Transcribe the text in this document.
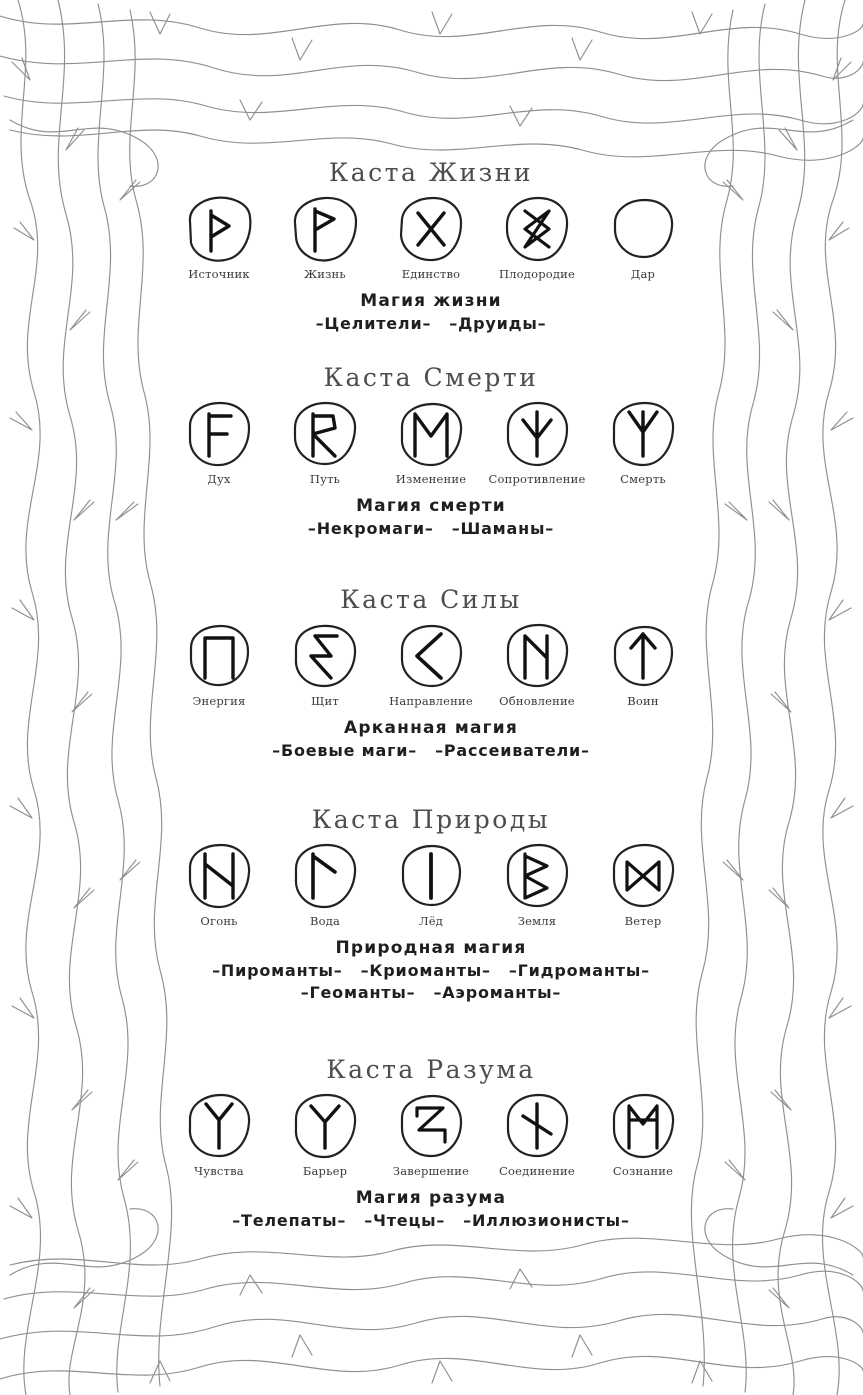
Каста Жизни
Источник	Жизнь	Единство	Плодородие	Дар
Магия жизни
–Целители– –Друиды–
Каста Смерти
Дух	Путь	Изменение Сопротивление	Смерть
Магия смерти
–Некромаги– –Шаманы–
Каста Силы
Энергия	Щит	Направление Обновление	Воин
Арканная магия
–Боевые маги– –Рассеиватели–
Каста Природы
Огонь	Вода	Лёд	Земля	Ветер
Природная магия
–Пироманты– –Криоманты– –Гидроманты–
–Геоманты– –Аэроманты–
Каста Разума
Чувства	Барьер	Завершение	Соединение	Сознание
Магия разума
–Телепаты– –Чтецы– –Иллюзионисты–
